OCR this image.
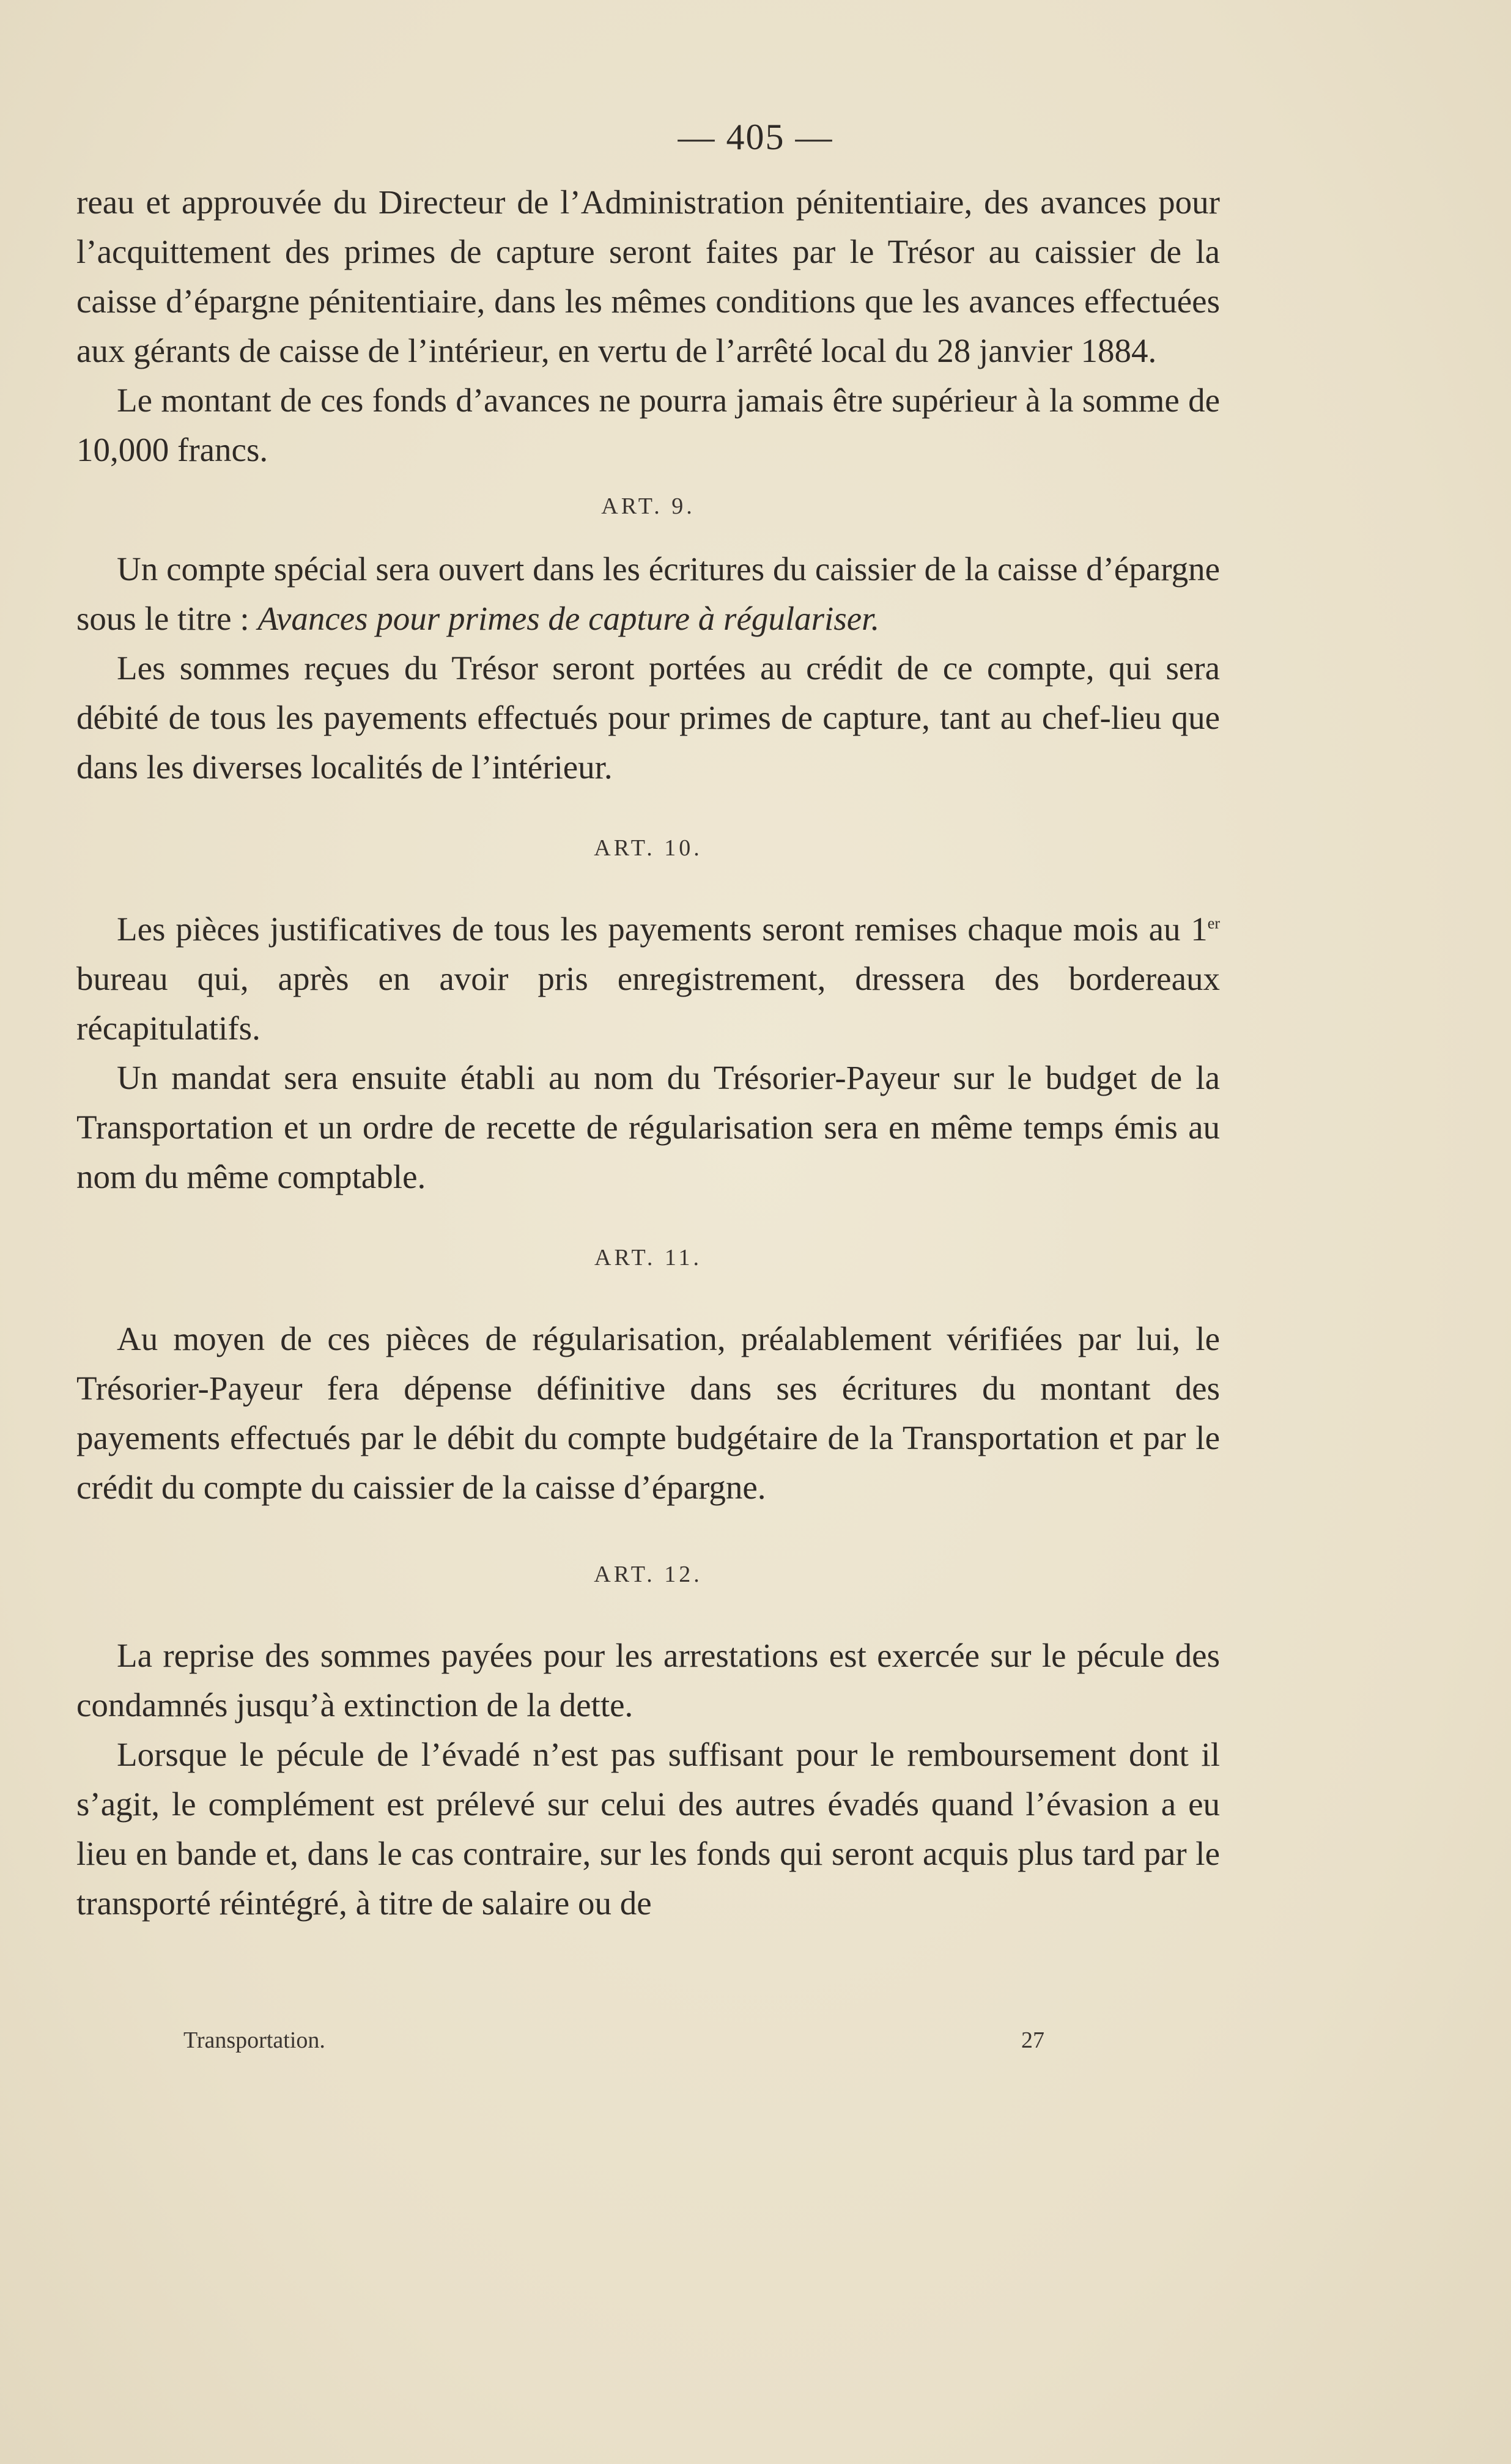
— 405 —

reau et approuvée du Directeur de l’Administration pénitentiaire, des avances pour l’acquittement des primes de capture seront faites par le Trésor au caissier de la caisse d’épargne pénitentiaire, dans les mêmes conditions que les avances effectuées aux gérants de caisse de l’intérieur, en vertu de l’arrêté local du 28 janvier 1884.

Le montant de ces fonds d’avances ne pourra jamais être supérieur à la somme de 10,000 francs.

ART. 9.

Un compte spécial sera ouvert dans les écritures du caissier de la caisse d’épargne sous le titre : Avances pour primes de capture à régulariser.

Les sommes reçues du Trésor seront portées au crédit de ce compte, qui sera débité de tous les payements effectués pour primes de capture, tant au chef-lieu que dans les diverses localités de l’intérieur.

ART. 10.

Les pièces justificatives de tous les payements seront remises chaque mois au 1er bureau qui, après en avoir pris enregistrement, dressera des bordereaux récapitulatifs.

Un mandat sera ensuite établi au nom du Trésorier-Payeur sur le budget de la Transportation et un ordre de recette de régularisation sera en même temps émis au nom du même comptable.

ART. 11.

Au moyen de ces pièces de régularisation, préalablement vérifiées par lui, le Trésorier-Payeur fera dépense définitive dans ses écritures du montant des payements effectués par le débit du compte budgétaire de la Transportation et par le crédit du compte du caissier de la caisse d’épargne.

ART. 12.

La reprise des sommes payées pour les arrestations est exercée sur le pécule des condamnés jusqu’à extinction de la dette.

Lorsque le pécule de l’évadé n’est pas suffisant pour le remboursement dont il s’agit, le complément est prélevé sur celui des autres évadés quand l’évasion a eu lieu en bande et, dans le cas contraire, sur les fonds qui seront acquis plus tard par le transporté réintégré, à titre de salaire ou de

Transportation.	27
